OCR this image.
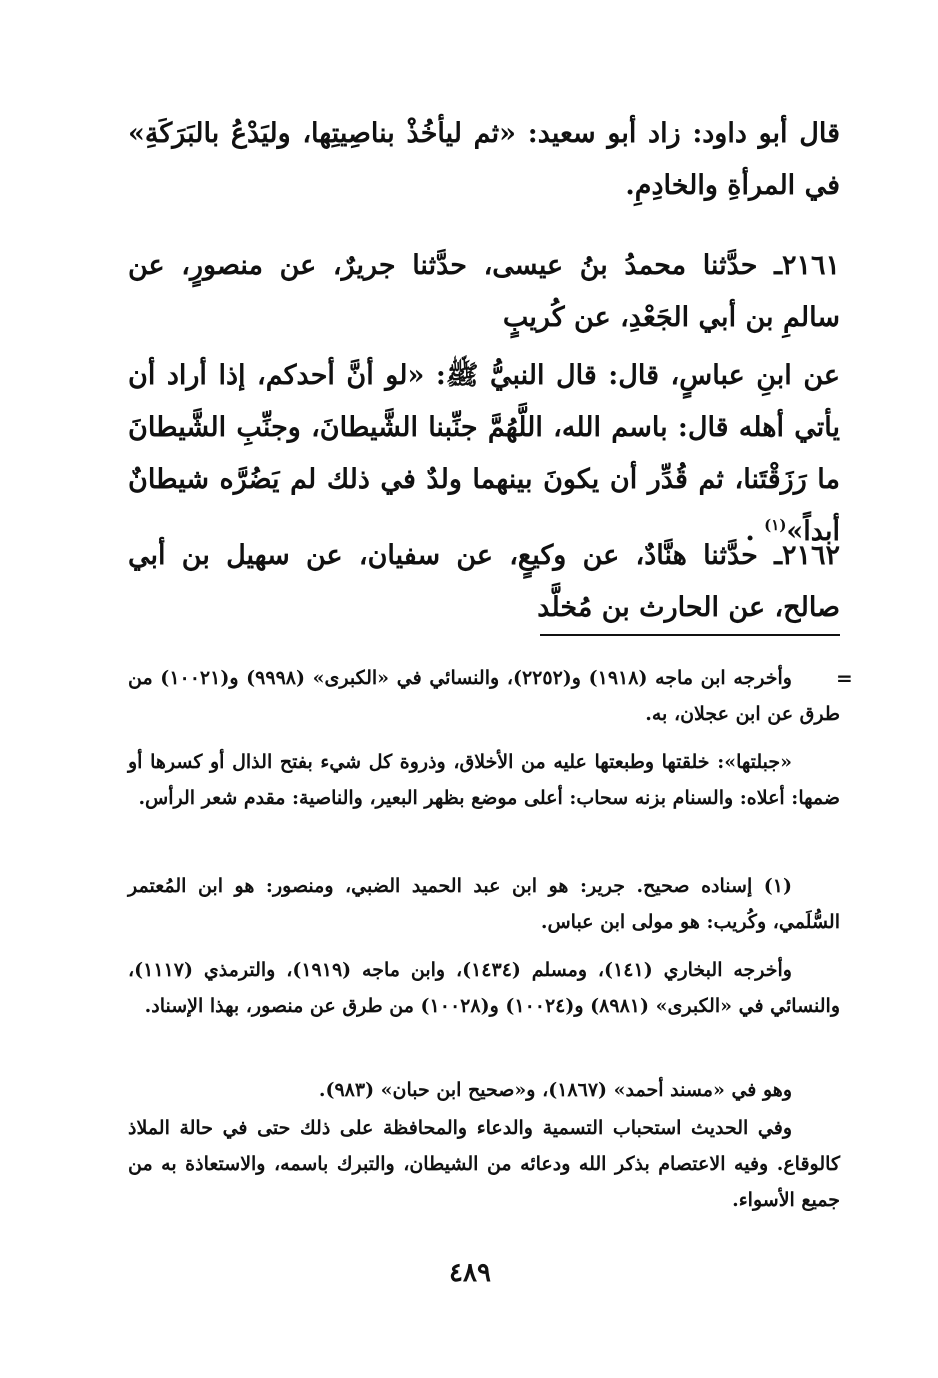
قال أبو داود: زاد أبو سعيد: «ثم ليأخُذْ بناصِيتِها، وليَدْعُ بالبَرَكَةِ» في المرأةِ والخادِمِ.
٢١٦١ـ حدَّثنا محمدُ بنُ عيسى، حدَّثنا جريرٌ، عن منصورٍ، عن سالمِ بن أبي الجَعْدِ، عن كُريبٍ
عن ابنِ عباسٍ، قال: قال النبيُّ ﷺ: «لو أنَّ أحدكم، إذا أراد أن يأتي أهله قال: باسم الله، اللَّهُمَّ جنِّبنا الشَّيطانَ، وجنِّبِ الشَّيطانَ ما رَزَقْتَنا، ثم قُدِّر أن يكونَ بينهما ولدٌ في ذلك لم يَضُرَّه شيطانٌ أبداً»$^{(١)}$ .
٢١٦٢ـ حدَّثنا هنَّادٌ، عن وكيعٍ، عن سفيان، عن سهيل بن أبي صالح، عن الحارث بن مُخلَّد
=
وأخرجه ابن ماجه (١٩١٨) و(٢٢٥٢)، والنسائي في «الكبرى» (٩٩٩٨) و(١٠٠٢١) من طرق عن ابن عجلان، به.
«جبلتها»: خلقتها وطبعتها عليه من الأخلاق، وذروة كل شيء بفتح الذال أو كسرها أو ضمها: أعلاه: والسنام بزنه سحاب: أعلى موضع بظهر البعير، والناصية: مقدم شعر الرأس.
(١) إسناده صحيح. جرير: هو ابن عبد الحميد الضبي، ومنصور: هو ابن المُعتمر السُّلَمي، وكُريب: هو مولى ابن عباس.
وأخرجه البخاري (١٤١)، ومسلم (١٤٣٤)، وابن ماجه (١٩١٩)، والترمذي (١١١٧)، والنسائي في «الكبرى» (٨٩٨١) و(١٠٠٢٤) و(١٠٠٢٨) من طرق عن منصور، بهذا الإسناد.
وهو في «مسند أحمد» (١٨٦٧)، و«صحيح ابن حبان» (٩٨٣).
وفي الحديث استحباب التسمية والدعاء والمحافظة على ذلك حتى في حالة الملاذ كالوقاع. وفيه الاعتصام بذكر الله ودعائه من الشيطان، والتبرك باسمه، والاستعاذة به من جميع الأسواء.
٤٨٩
